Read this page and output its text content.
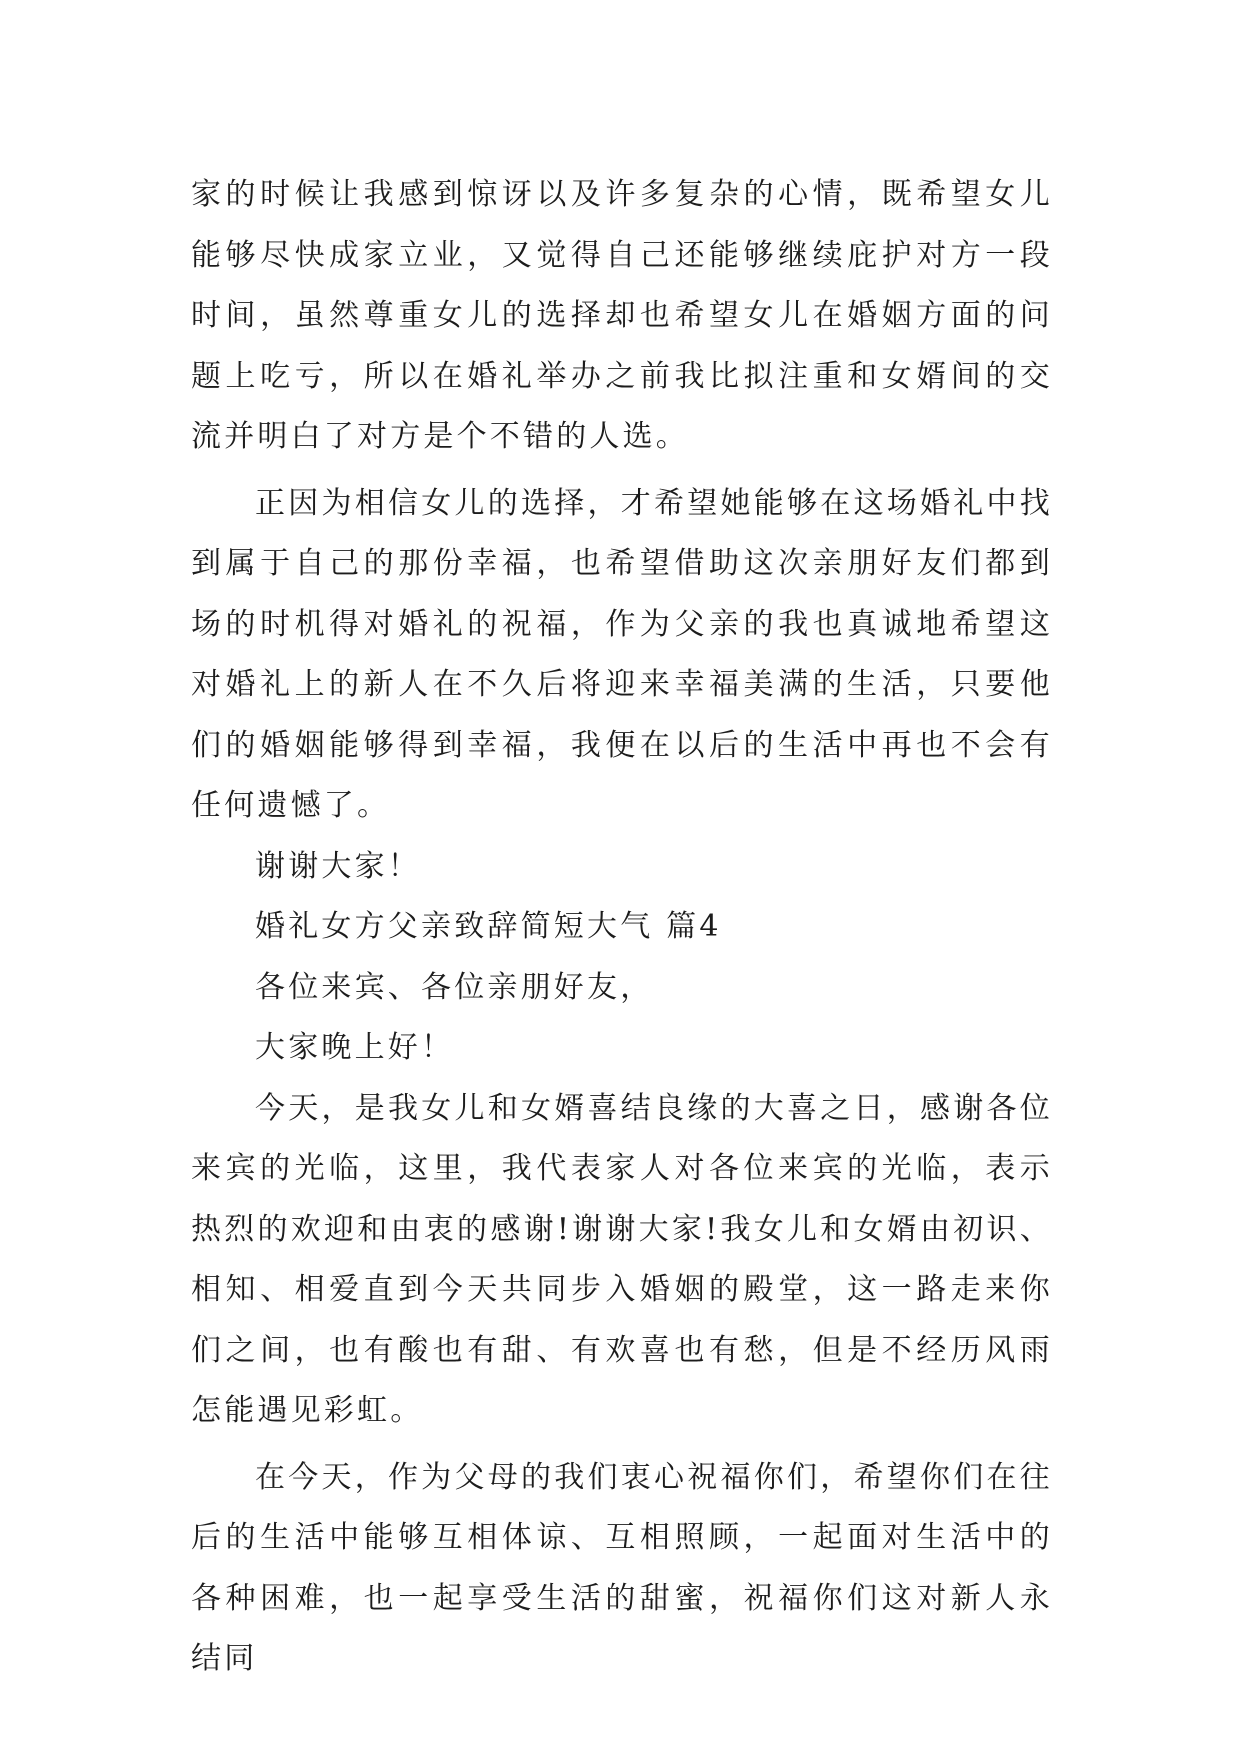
家的时候让我感到惊讶以及许多复杂的心情，既希望女儿能够尽快成家立业，又觉得自己还能够继续庇护对方一段时间，虽然尊重女儿的选择却也希望女儿在婚姻方面的问题上吃亏，所以在婚礼举办之前我比拟注重和女婿间的交流并明白了对方是个不错的人选。

正因为相信女儿的选择，才希望她能够在这场婚礼中找到属于自己的那份幸福，也希望借助这次亲朋好友们都到场的时机得对婚礼的祝福，作为父亲的我也真诚地希望这对婚礼上的新人在不久后将迎来幸福美满的生活，只要他们的婚姻能够得到幸福，我便在以后的生活中再也不会有任何遗憾了。

谢谢大家！

婚礼女方父亲致辞简短大气 篇4

各位来宾、各位亲朋好友，

大家晚上好！

今天，是我女儿和女婿喜结良缘的大喜之日，感谢各位来宾的光临，这里，我代表家人对各位来宾的光临，表示热烈的欢迎和由衷的感谢!谢谢大家!我女儿和女婿由初识、相知、相爱直到今天共同步入婚姻的殿堂，这一路走来你们之间，也有酸也有甜、有欢喜也有愁，但是不经历风雨怎能遇见彩虹。

在今天，作为父母的我们衷心祝福你们，希望你们在往后的生活中能够互相体谅、互相照顾，一起面对生活中的各种困难，也一起享受生活的甜蜜，祝福你们这对新人永结同
